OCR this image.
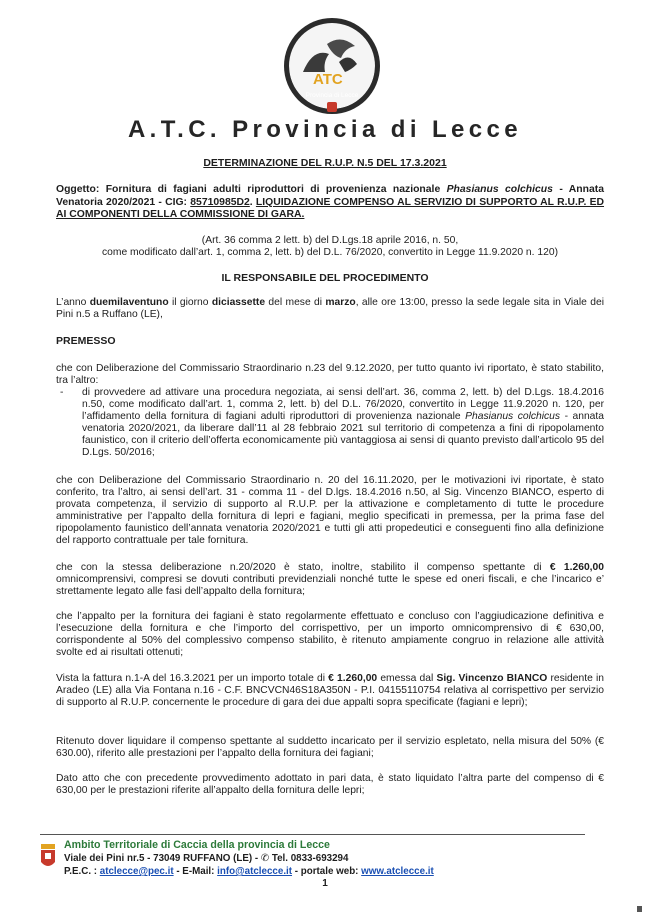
ATC
Provincia di Lecce
A.T.C. Provincia di Lecce
DETERMINAZIONE DEL R.U.P. N.5 DEL 17.3.2021
Oggetto: Fornitura di fagiani adulti riproduttori di provenienza nazionale Phasianus colchicus - Annata Venatoria 2020/2021 - CIG: 85710985D2. LIQUIDAZIONE COMPENSO AL SERVIZIO DI SUPPORTO AL R.U.P. ED AI COMPONENTI DELLA COMMISSIONE DI GARA.
(Art. 36 comma 2 lett. b) del D.Lgs.18 aprile 2016, n. 50,
come modificato dall’art. 1, comma 2, lett. b) del D.L. 76/2020, convertito in Legge 11.9.2020 n. 120)
IL RESPONSABILE DEL PROCEDIMENTO
L’anno duemilaventuno il giorno diciassette del mese di marzo, alle ore 13:00, presso la sede legale sita in Viale dei Pini n.5 a Ruffano (LE),
PREMESSO
che con Deliberazione del Commissario Straordinario n.23 del 9.12.2020, per tutto quanto ivi riportato, è stato stabilito, tra l’altro:
- di provvedere ad attivare una procedura negoziata, ai sensi dell’art. 36, comma 2, lett. b) del D.Lgs. 18.4.2016 n.50, come modificato dall’art. 1, comma 2, lett. b) del D.L. 76/2020, convertito in Legge 11.9.2020 n. 120, per l’affidamento della fornitura di fagiani adulti riproduttori di provenienza nazionale Phasianus colchicus - annata venatoria 2020/2021, da liberare dall’11 al 28 febbraio 2021 sul territorio di competenza a fini di ripopolamento faunistico, con il criterio dell’offerta economicamente più vantaggiosa ai sensi di quanto previsto dall’articolo 95 del D.Lgs. 50/2016;
che con Deliberazione del Commissario Straordinario n. 20 del 16.11.2020, per le motivazioni ivi riportate, è stato conferito, tra l’altro, ai sensi dell’art. 31 - comma 11 - del D.lgs. 18.4.2016 n.50, al Sig. Vincenzo BIANCO, esperto di provata competenza, il servizio di supporto al R.U.P. per la attivazione e completamento di tutte le procedure amministrative per l’appalto della fornitura di lepri e fagiani, meglio specificati in premessa, per la prima fase del ripopolamento faunistico dell’annata venatoria 2020/2021 e tutti gli atti propedeutici e conseguenti fino alla definizione del rapporto contrattuale per tale fornitura.
che con la stessa deliberazione n.20/2020 è stato, inoltre, stabilito il compenso spettante di € 1.260,00 omnicomprensivi, compresi se dovuti contributi previdenziali nonché tutte le spese ed oneri fiscali, e che l’incarico e’ strettamente legato alle fasi dell’appalto della fornitura;
che l’appalto per la fornitura dei fagiani è stato regolarmente effettuato e concluso con l’aggiudicazione definitiva e l’esecuzione della fornitura e che l’importo del corrispettivo, per un importo omnicomprensivo di € 630,00, corrispondente al 50% del complessivo compenso stabilito, è ritenuto ampiamente congruo in relazione alle attività svolte ed ai risultati ottenuti;
Vista la fattura n.1-A del 16.3.2021 per un importo totale di € 1.260,00 emessa dal Sig. Vincenzo BIANCO residente in Aradeo (LE) alla Via Fontana n.16 - C.F. BNCVCN46S18A350N - P.I. 04155110754 relativa al corrispettivo per servizio di supporto al R.U.P. concernente le procedure di gara dei due appalti sopra specificate (fagiani e lepri);
Ritenuto dover liquidare il compenso spettante al suddetto incaricato per il servizio espletato, nella misura del 50% (€ 630.00), riferito alle prestazioni per l’appalto della fornitura dei fagiani;
Dato atto che con precedente provvedimento adottato in pari data, è stato liquidato l’altra parte del compenso di € 630,00 per le prestazioni riferite all’appalto della fornitura delle lepri;
Ambito Territoriale di Caccia della provincia di Lecce
Viale dei Pini nr.5 - 73049 RUFFANO (LE) - ✆ Tel. 0833-693294
P.E.C. : atclecce@pec.it - E-Mail: info@atclecce.it - portale web: www.atclecce.it
1
